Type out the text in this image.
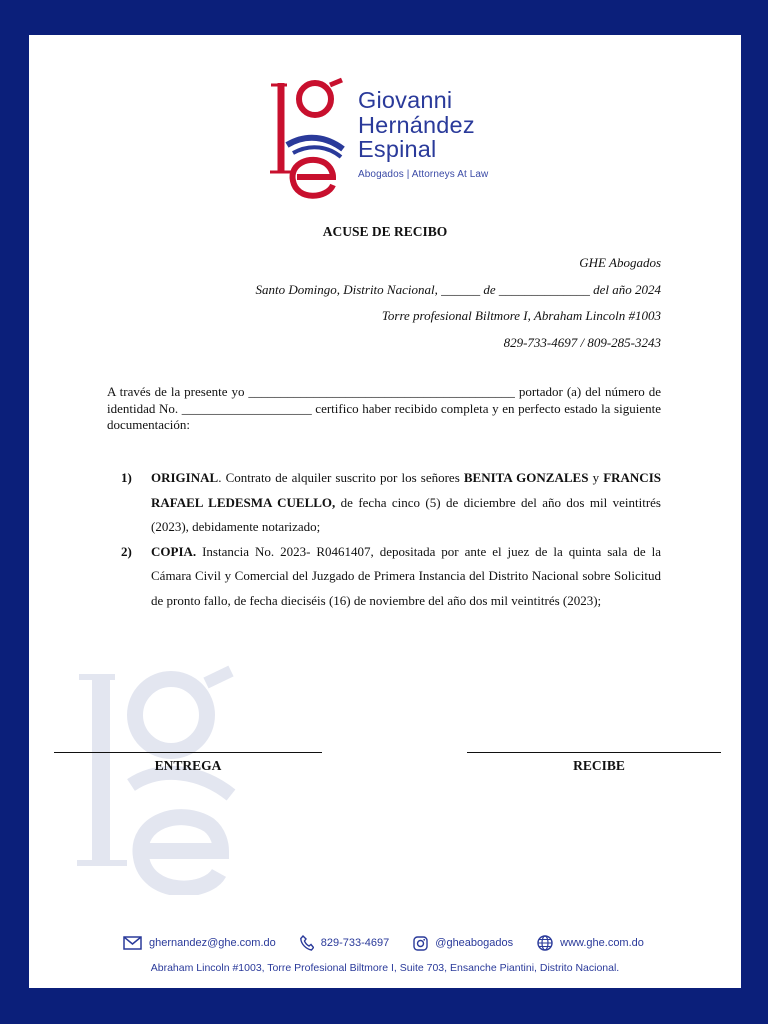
Giovanni
Hernández
Espinal
Abogados | Attorneys At Law
ACUSE DE RECIBO
GHE Abogados
Santo Domingo, Distrito Nacional, ______ de ______________ del año 2024
Torre profesional Biltmore I, Abraham Lincoln #1003
829-733-4697 / 809-285-3243
A través de la presente yo _________________________________________ portador (a) del número de identidad No. ____________________ certifico haber recibido completa y en perfecto estado la siguiente documentación:
1) ORIGINAL. Contrato de alquiler suscrito por los señores BENITA GONZALES y FRANCIS RAFAEL LEDESMA CUELLO, de fecha cinco (5) de diciembre del año dos mil veintitrés (2023), debidamente notarizado;
2) COPIA. Instancia No. 2023- R0461407, depositada por ante el juez de la quinta sala de la Cámara Civil y Comercial del Juzgado de Primera Instancia del Distrito Nacional sobre Solicitud de pronto fallo, de fecha dieciséis (16) de noviembre del año dos mil veintitrés (2023);
ENTREGA	RECIBE
ghernandez@ghe.com.do	829-733-4697	@gheabogados	www.ghe.com.do
Abraham Lincoln #1003, Torre Profesional Biltmore I, Suite 703, Ensanche Piantini, Distrito Nacional.
